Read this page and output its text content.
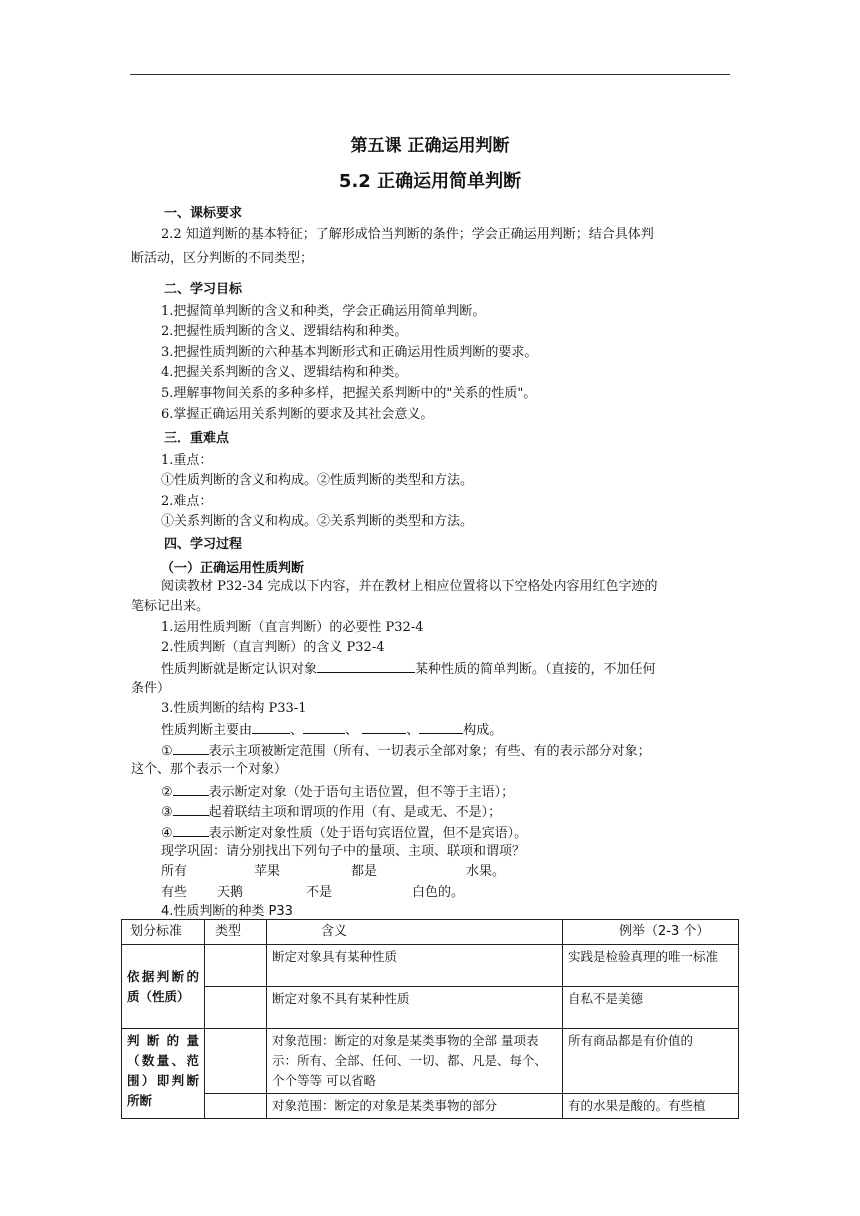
第五课 正确运用判断
5.2 正确运用简单判断
一、课标要求
2.2 知道判断的基本特征；了解形成恰当判断的条件；学会正确运用判断；结合具体判
断活动，区分判断的不同类型；
二、学习目标
1.把握简单判断的含义和种类，学会正确运用简单判断。
2.把握性质判断的含义、逻辑结构和种类。
3.把握性质判断的六种基本判断形式和正确运用性质判断的要求。
4.把握关系判断的含义、逻辑结构和种类。
5.理解事物间关系的多种多样，把握关系判断中的"关系的性质"。
6.掌握正确运用关系判断的要求及其社会意义。
三．重难点
1.重点：
①性质判断的含义和构成。②性质判断的类型和方法。
2.难点：
①关系判断的含义和构成。②关系判断的类型和方法。
四、学习过程
（一）正确运用性质判断
阅读教材 P32-34 完成以下内容，并在教材上相应位置将以下空格处内容用红色字迹的
笔标记出来。
1.运用性质判断（直言判断）的必要性 P32-4
2.性质判断（直言判断）的含义 P32-4
性质判断就是断定认识对象	某种性质的简单判断。（直接的，不加任何
条件）
3.性质判断的结构 P33-1
性质判断主要由	、	、	、	构成。
①	表示主项被断定范围（所有、一切表示全部对象；有些、有的表示部分对象；
这个、那个表示一个对象）
②	表示断定对象（处于语句主语位置，但不等于主语）；
③	起着联结主项和谓项的作用（有、是或无、不是）；
④	表示断定对象性质（处于语句宾语位置，但不是宾语）。
现学巩固：请分别找出下列句子中的量项、主项、联项和谓项？
所有	苹果	都是	水果。
有些 天鹅	不是	白色的。
4.性质判断的种类 P33
划分标准	类型	含义	例举（2-3 个）
依据判断的质（性质）		断定对象具有某种性质	实践是检验真理的唯一标准
		断定对象不具有某种性质	自私不是美德
判断的量（数量、范围）即判断所断		对象范围：断定的对象是某类事物的全部 量项表示：所有、全部、任何、一切、都、凡是、每个、个个等等 可以省略	所有商品都是有价值的
		对象范围：断定的对象是某类事物的部分	有的水果是酸的。有些植
